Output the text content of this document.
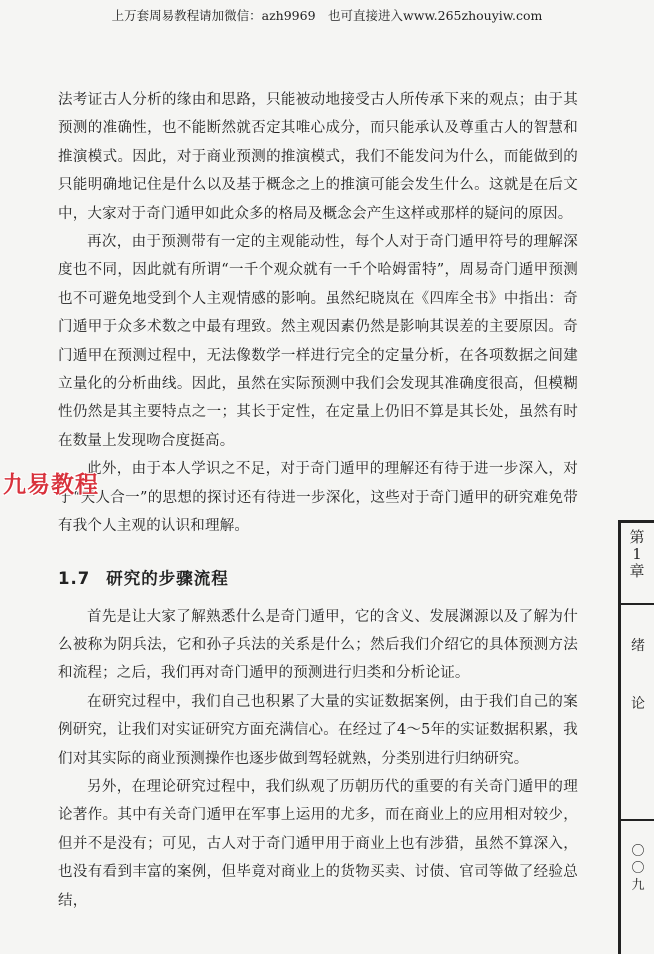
上万套周易教程请加微信：azh9969　也可直接进入www.265zhouyiw.com

法考证古人分析的缘由和思路，只能被动地接受古人所传承下来的观点；由于其预测的准确性，也不能断然就否定其唯心成分，而只能承认及尊重古人的智慧和推演模式。因此，对于商业预测的推演模式，我们不能发问为什么，而能做到的只能明确地记住是什么以及基于概念之上的推演可能会发生什么。这就是在后文中，大家对于奇门遁甲如此众多的格局及概念会产生这样或那样的疑问的原因。

再次，由于预测带有一定的主观能动性，每个人对于奇门遁甲符号的理解深度也不同，因此就有所谓“一千个观众就有一千个哈姆雷特”，周易奇门遁甲预测也不可避免地受到个人主观情感的影响。虽然纪晓岚在《四库全书》中指出：奇门遁甲于众多术数之中最有理致。然主观因素仍然是影响其误差的主要原因。奇门遁甲在预测过程中，无法像数学一样进行完全的定量分析，在各项数据之间建立量化的分析曲线。因此，虽然在实际预测中我们会发现其准确度很高，但模糊性仍然是其主要特点之一；其长于定性，在定量上仍旧不算是其长处，虽然有时在数量上发现吻合度挺高。

此外，由于本人学识之不足，对于奇门遁甲的理解还有待于进一步深入，对于“天人合一”的思想的探讨还有待进一步深化，这些对于奇门遁甲的研究难免带有我个人主观的认识和理解。

1.7 研究的步骤流程

首先是让大家了解熟悉什么是奇门遁甲，它的含义、发展渊源以及了解为什么被称为阴兵法，它和孙子兵法的关系是什么；然后我们介绍它的具体预测方法和流程；之后，我们再对奇门遁甲的预测进行归类和分析论证。

在研究过程中，我们自己也积累了大量的实证数据案例，由于我们自己的案例研究，让我们对实证研究方面充满信心。在经过了4～5年的实证数据积累，我们对其实际的商业预测操作也逐步做到驾轻就熟，分类别进行归纳研究。

另外，在理论研究过程中，我们纵观了历朝历代的重要的有关奇门遁甲的理论著作。其中有关奇门遁甲在军事上运用的尤多，而在商业上的应用相对较少，但并不是没有；可见，古人对于奇门遁甲用于商业上也有涉猎，虽然不算深入，也没有看到丰富的案例，但毕竟对商业上的货物买卖、讨债、官司等做了经验总结，

九易教程
第
1
章
绪
论
〇
〇
九
